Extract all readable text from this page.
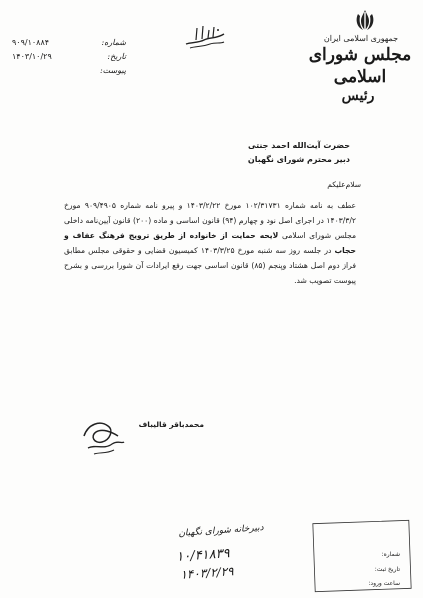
جمهوری اسلامی ایران
مجلس شورای اسلامی
رئیس
شماره:
۹۰۹/۱۰۸۸۴
تاریخ:
۱۴۰۳/۱۰/۲۹
پیوست:
حضرت آیت‌الله احمد جنتی
دبیر محترم شورای نگهبان
سلام‌علیکم
عطف به نامه شماره ۱۰۲/۳۱۷۳۱ مورخ ۱۴۰۳/۲/۲۲ و پیرو نامه شماره ۹۰۹/۴۹۰۵ مورخ ۱۴۰۳/۳/۲ در اجرای اصل نود و چهارم (۹۴) قانون اساسی و ماده (۲۰۰) قانون آیین‌نامه داخلی مجلس شورای اسلامی لایحه حمایت از خانواده از طریق ترویج فرهنگ عفاف و حجاب در جلسه روز سه شنبه مورخ ۱۴۰۳/۳/۲۵ کمیسیون قضایی و حقوقی مجلس مطابق فراز دوم اصل هشتاد وپنجم (۸۵) قانون اساسی جهت رفع ایرادات آن شورا بررسی و بشرح پیوست تصویب شد.
محمدباقر قالیباف
دبیرخانه شورای نگهبان
۱۰/۴۱۸۳۹
۱۴۰۳/۲/۲۹
شماره:
تاریخ ثبت:
ساعت ورود:
